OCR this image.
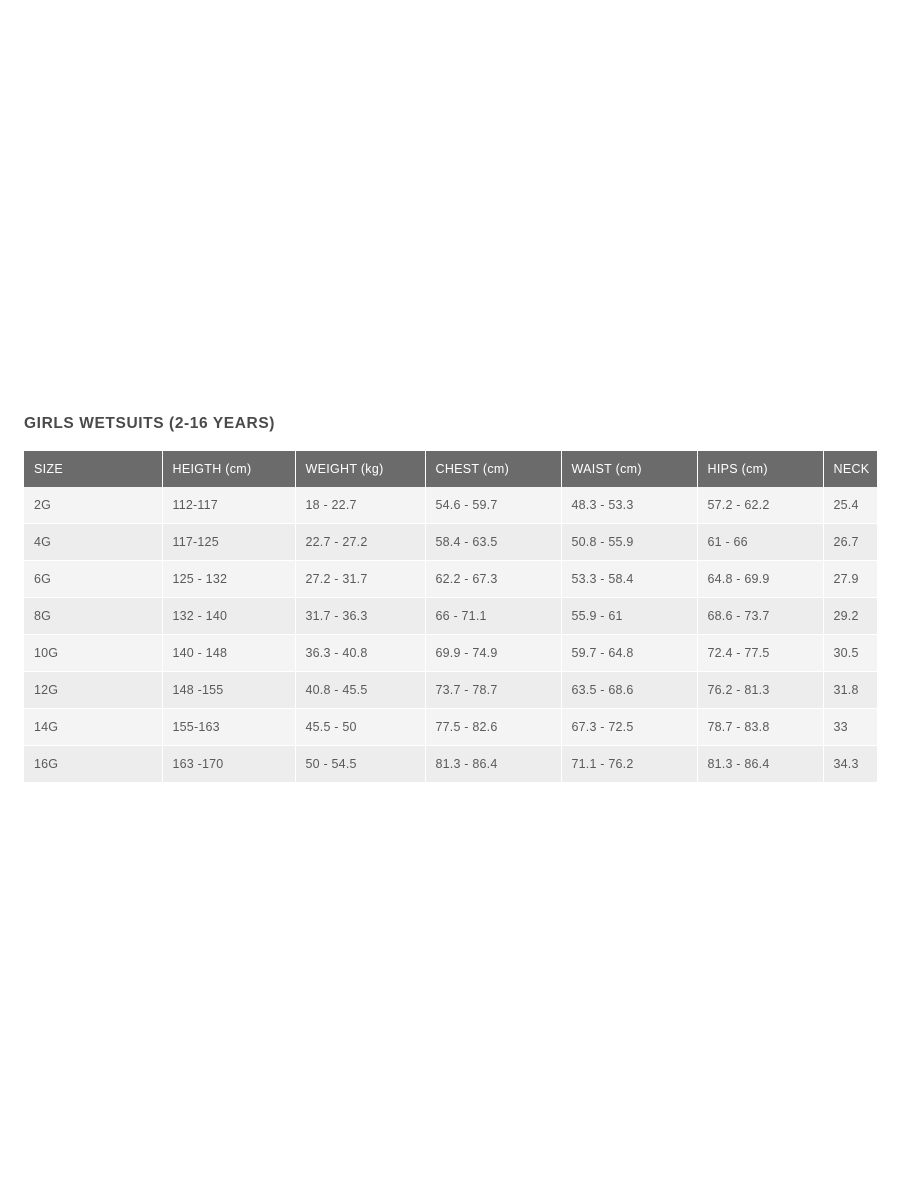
GIRLS WETSUITS (2-16 YEARS)
SIZE	HEIGTH (cm)	WEIGHT (kg)	CHEST (cm)	WAIST (cm)	HIPS (cm)	NECK
2G	112-117	18 - 22.7	54.6 - 59.7	48.3 - 53.3	57.2 - 62.2	25.4
4G	117-125	22.7 - 27.2	58.4 - 63.5	50.8 - 55.9	61 - 66	26.7
6G	125 - 132	27.2 - 31.7	62.2 - 67.3	53.3 - 58.4	64.8 - 69.9	27.9
8G	132 - 140	31.7 - 36.3	66 - 71.1	55.9 - 61	68.6 - 73.7	29.2
10G	140 - 148	36.3 - 40.8	69.9 - 74.9	59.7 - 64.8	72.4 - 77.5	30.5
12G	148 -155	40.8 - 45.5	73.7 - 78.7	63.5 - 68.6	76.2 - 81.3	31.8
14G	155-163	45.5 - 50	77.5 - 82.6	67.3 - 72.5	78.7 - 83.8	33
16G	163 -170	50 - 54.5	81.3 - 86.4	71.1 - 76.2	81.3 - 86.4	34.3
